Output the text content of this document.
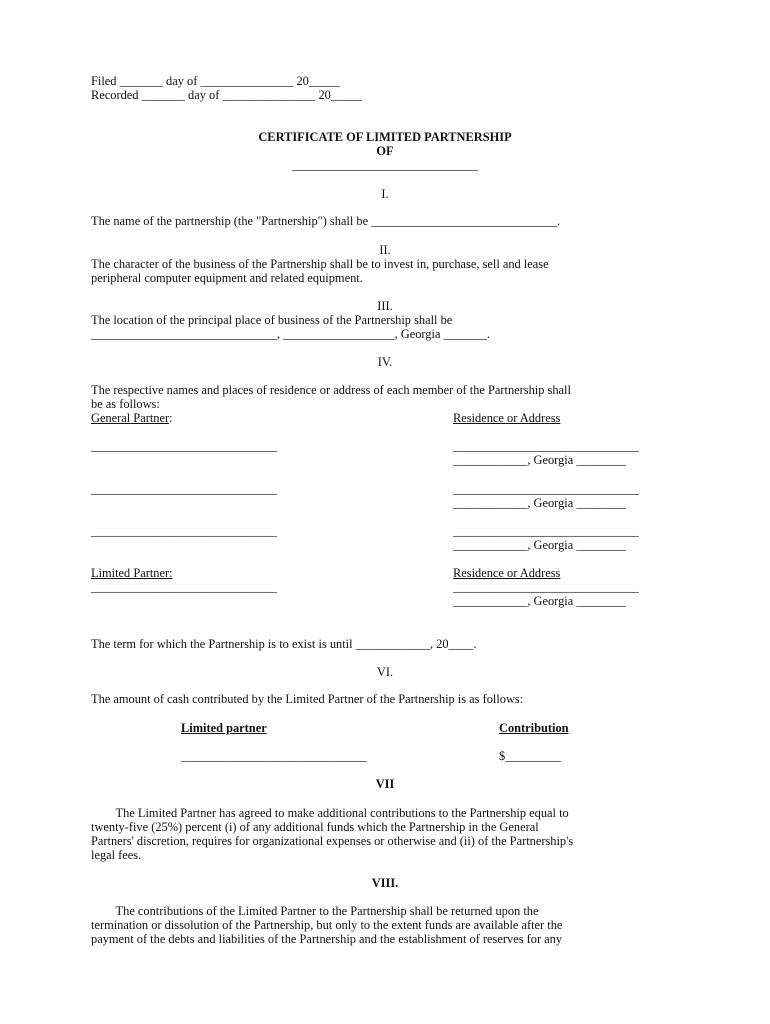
Filed _______ day of _______________ 20_____
Recorded _______ day of _______________ 20_____
CERTIFICATE OF LIMITED PARTNERSHIP
OF
______________________________
I.
The name of the partnership (the "Partnership") shall be ______________________________.
II.
The character of the business of the Partnership shall be to invest in, purchase, sell and lease
peripheral computer equipment and related equipment.
III.
The location of the principal place of business of the Partnership shall be
______________________________, __________________, Georgia _______.
IV.
The respective names and places of residence or address of each member of the Partnership shall
be as follows:
General Partner:	Residence or Address
______________________________	______________________________
____________, Georgia ________
______________________________	______________________________
____________, Georgia ________
______________________________	______________________________
____________, Georgia ________
Limited Partner:	Residence or Address
______________________________	______________________________
____________, Georgia ________
The term for which the Partnership is to exist is until ____________, 20____.
VI.
The amount of cash contributed by the Limited Partner of the Partnership is as follows:
Limited partner	Contribution
______________________________	$_________
VII
The Limited Partner has agreed to make additional contributions to the Partnership equal to
twenty-five (25%) percent (i) of any additional funds which the Partnership in the General
Partners' discretion, requires for organizational expenses or otherwise and (ii) of the Partnership's
legal fees.
VIII.
The contributions of the Limited Partner to the Partnership shall be returned upon the
termination or dissolution of the Partnership, but only to the extent funds are available after the
payment of the debts and liabilities of the Partnership and the establishment of reserves for any
